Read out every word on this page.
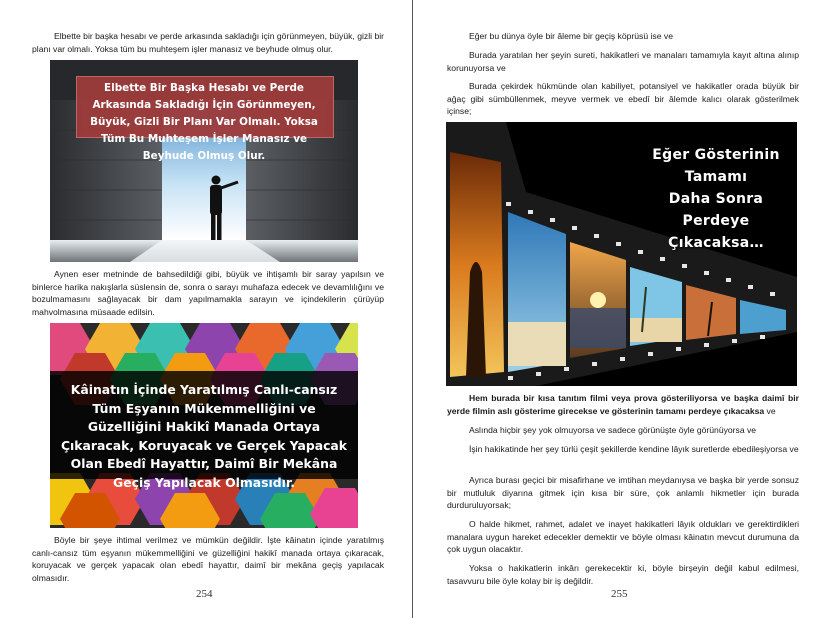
Elbette bir başka hesabı ve perde arkasında sakladığı için görünmeyen, büyük, gizli bir planı var olmalı. Yoksa tüm bu muhteşem işler manasız ve beyhude olmuş olur.

Elbette Bir Başka Hesabı ve Perde Arkasında Sakladığı İçin Görünmeyen, Büyük, Gizli Bir Planı Var Olmalı. Yoksa Tüm Bu Muhteşem İşler Manasız ve Beyhude Olmuş Olur.

Aynen eser metninde de bahsedildiği gibi, büyük ve ihtişamlı bir saray yapılsın ve binlerce harika nakışlarla süslensin de, sonra o sarayı muhafaza edecek ve devamlılığını ve bozulmamasını sağlayacak bir dam yapılmamakla sarayın ve içindekilerin çürüyüp mahvolmasına müsaade edilsin.

Kâinatın İçinde Yaratılmış Canlı-cansız Tüm Eşyanın Mükemmelliğini ve Güzelliğini Hakikî Manada Ortaya Çıkaracak, Koruyacak ve Gerçek Yapacak Olan Ebedî Hayattır, Daimî Bir Mekâna Geçiş Yapılacak Olmasıdır.

Böyle bir şeye ihtimal verilmez ve mümkün değildir. İşte kâinatın içinde yaratılmış canlı-cansız tüm eşyanın mükemmelliğini ve güzelliğini hakikî manada ortaya çıkaracak, koruyacak ve gerçek yapacak olan ebedî hayattır, daimî bir mekâna geçiş yapılacak olmasıdır.

254

Eğer bu dünya öyle bir âleme bir geçiş köprüsü ise ve

Burada yaratılan her şeyin sureti, hakikatleri ve manaları tamamıyla kayıt altına alınıp korunuyorsa ve

Burada çekirdek hükmünde olan kabiliyet, potansiyel ve hakikatler orada büyük bir ağaç gibi sümbüllenmek, meyve vermek ve ebedî bir âlemde kalıcı olarak gösterilmek içinse;

Eğer Gösterinin
Tamamı
Daha Sonra
Perdeye
Çıkacaksa…

Hem burada bir kısa tanıtım filmi veya prova gösteriliyorsa ve başka daimî bir yerde filmin aslı gösterime girecekse ve gösterinin tamamı perdeye çıkacaksa ve

Aslında hiçbir şey yok olmuyorsa ve sadece görünüşte öyle görünüyorsa ve

İşin hakikatinde her şey türlü çeşit şekillerde kendine lâyık suretlerde ebedileşiyorsa ve

Ayrıca burası geçici bir misafirhane ve imtihan meydanıysa ve başka bir yerde sonsuz bir mutluluk diyarına gitmek için kısa bir süre, çok anlamlı hikmetler için burada durduruluyorsak;

O halde hikmet, rahmet, adalet ve inayet hakikatleri lâyık oldukları ve gerektirdikleri manalara uygun hareket edecekler demektir ve böyle olması kâinatın mevcut durumuna da çok uygun olacaktır.

Yoksa o hakikatlerin inkârı gerekecektir ki, böyle birşeyin değil kabul edilmesi, tasavvuru bile öyle kolay bir iş değildir.

255
